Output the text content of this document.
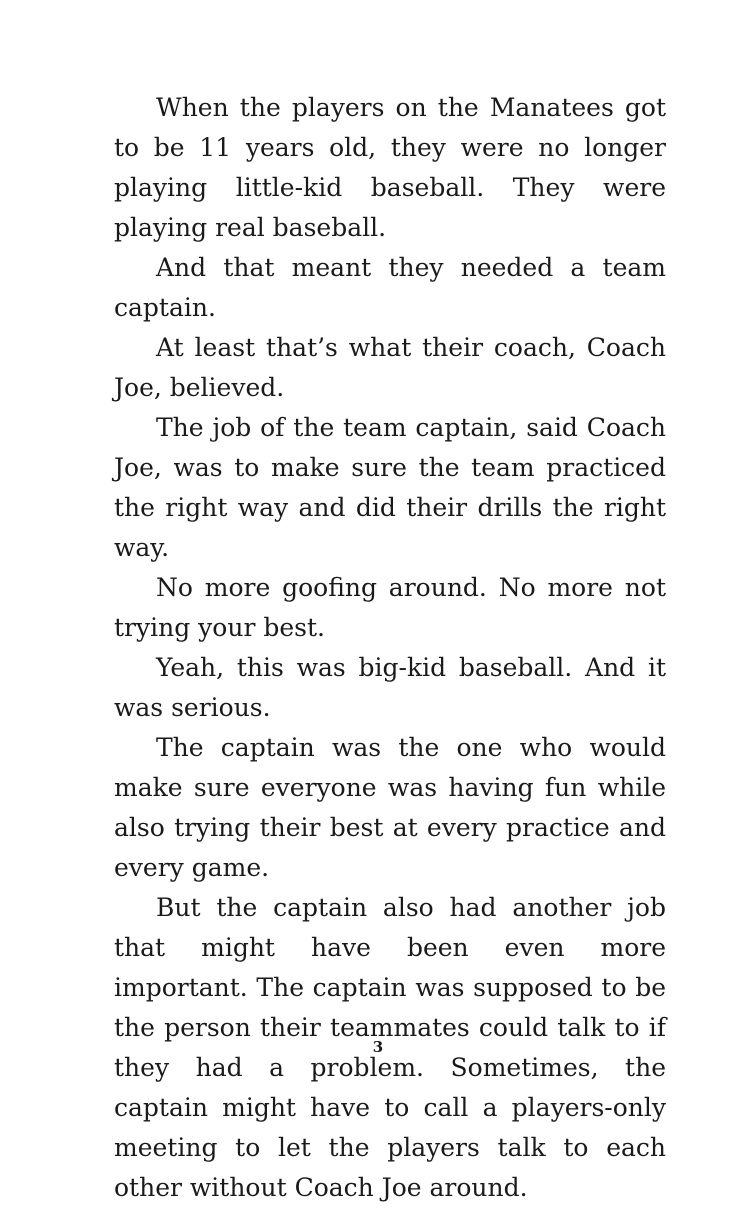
When the players on the Manatees got to be 11 years old, they were no longer playing little-kid baseball. They were playing real baseball.

And that meant they needed a team captain.

At least that’s what their coach, Coach Joe, believed.

The job of the team captain, said Coach Joe, was to make sure the team practiced the right way and did their drills the right way.

No more goofing around. No more not trying your best.

Yeah, this was big-kid baseball. And it was serious.

The captain was the one who would make sure everyone was having fun while also trying their best at every practice and every game.

But the captain also had another job that might have been even more important. The captain was supposed to be the person their teammates could talk to if they had a problem. Sometimes, the captain might have to call a players-only meeting to let the players talk to each other without Coach Joe around.

3
